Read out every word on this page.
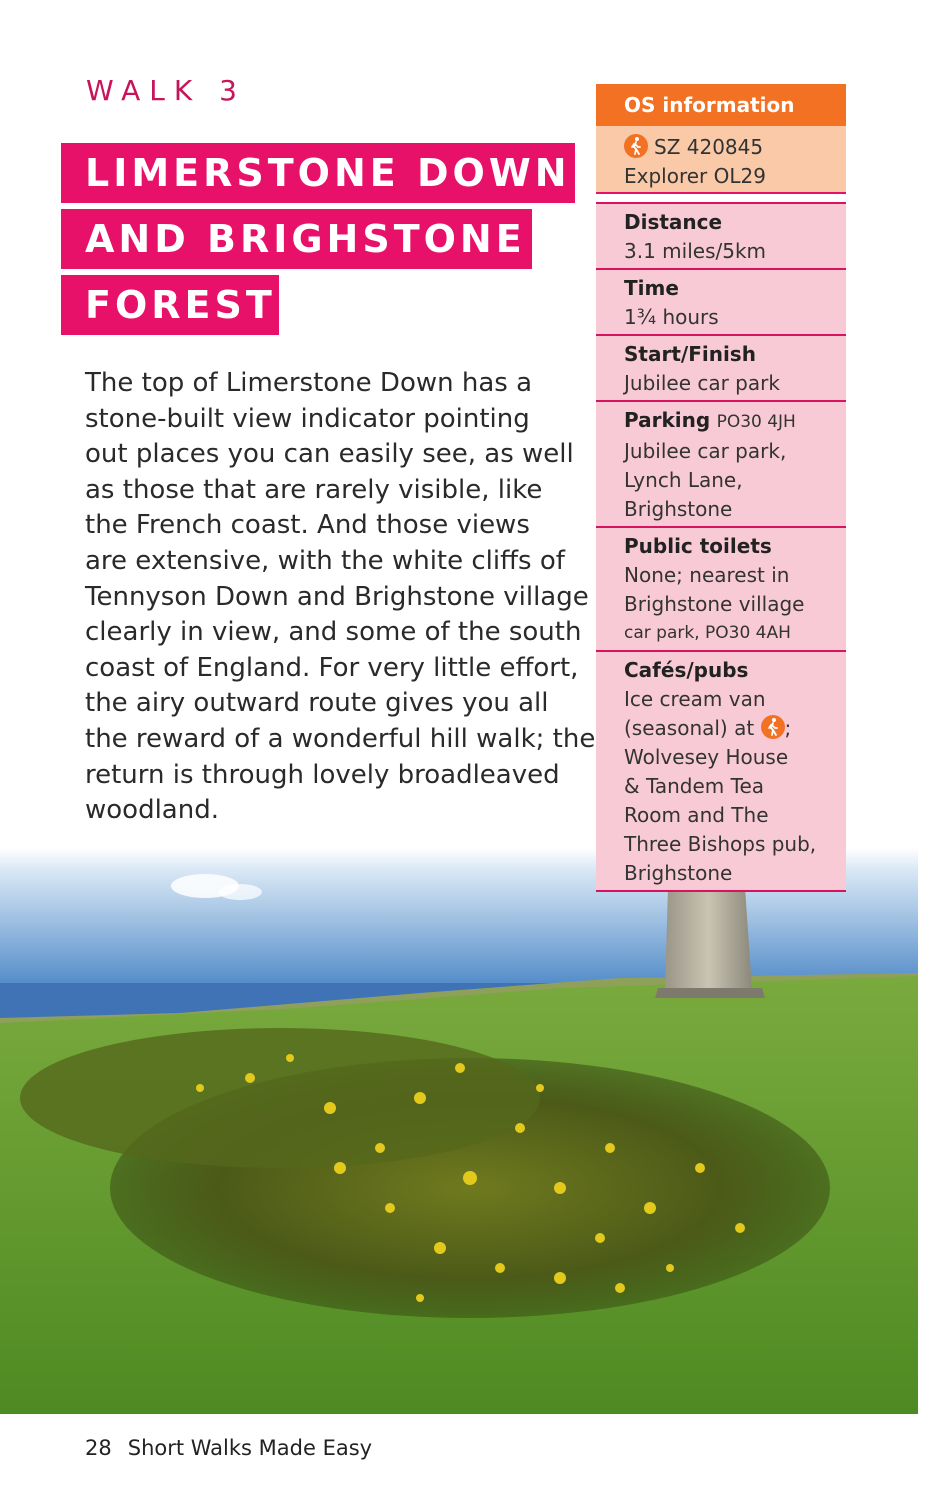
WALK 3
LIMERSTONE DOWN
AND BRIGHSTONE
FOREST
The top of Limerstone Down has a
stone-built view indicator pointing
out places you can easily see, as well
as those that are rarely visible, like
the French coast. And those views
are extensive, with the white cliffs of
Tennyson Down and Brighstone village
clearly in view, and some of the south
coast of England. For very little effort,
the airy outward route gives you all
the reward of a wonderful hill walk; the
return is through lovely broadleaved
woodland.
OS information
SZ 420845
Explorer OL29
Distance
3.1 miles/5km
Time
1¾ hours
Start/Finish
Jubilee car park
Parking PO30 4JH
Jubilee car park,
Lynch Lane,
Brighstone
Public toilets
None; nearest in
Brighstone village
car park, PO30 4AH
Cafés/pubs
Ice cream van
(seasonal) at ;
Wolvesey House
& Tandem Tea
Room and The
Three Bishops pub,
Brighstone
28 Short Walks Made Easy
